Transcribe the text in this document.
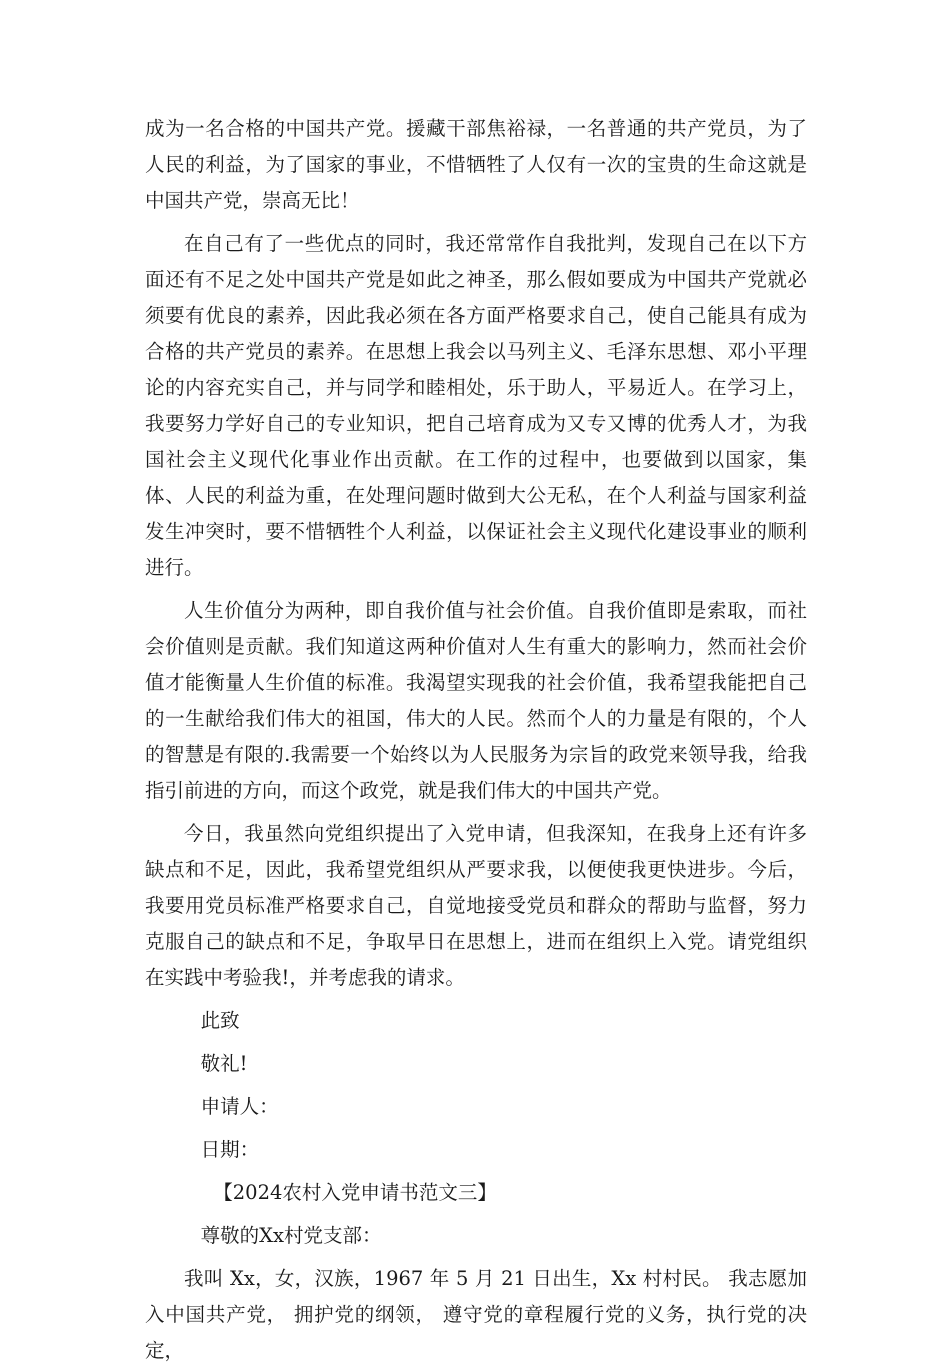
成为一名合格的中国共产党。援藏干部焦裕禄，一名普通的共产党员，为了人民的利益，为了国家的事业，不惜牺牲了人仅有一次的宝贵的生命这就是中国共产党，崇高无比！

在自己有了一些优点的同时，我还常常作自我批判，发现自己在以下方面还有不足之处中国共产党是如此之神圣，那么假如要成为中国共产党就必须要有优良的素养，因此我必须在各方面严格要求自己，使自己能具有成为合格的共产党员的素养。在思想上我会以马列主义、毛泽东思想、邓小平理论的内容充实自己，并与同学和睦相处，乐于助人，平易近人。在学习上，我要努力学好自己的专业知识，把自己培育成为又专又博的优秀人才，为我国社会主义现代化事业作出贡献。在工作的过程中，也要做到以国家，集体、人民的利益为重，在处理问题时做到大公无私，在个人利益与国家利益发生冲突时，要不惜牺牲个人利益，以保证社会主义现代化建设事业的顺利进行。

人生价值分为两种，即自我价值与社会价值。自我价值即是索取，而社会价值则是贡献。我们知道这两种价值对人生有重大的影响力，然而社会价值才能衡量人生价值的标准。我渴望实现我的社会价值，我希望我能把自己的一生献给我们伟大的祖国，伟大的人民。然而个人的力量是有限的，个人的智慧是有限的.我需要一个始终以为人民服务为宗旨的政党来领导我，给我指引前进的方向，而这个政党，就是我们伟大的中国共产党。

今日，我虽然向党组织提出了入党申请，但我深知，在我身上还有许多缺点和不足，因此，我希望党组织从严要求我，以便使我更快进步。今后，我要用党员标准严格要求自己，自觉地接受党员和群众的帮助与监督，努力克服自己的缺点和不足，争取早日在思想上，进而在组织上入党。请党组织在实践中考验我!，并考虑我的请求。

此致
敬礼!
申请人：
日期：
【2024农村入党申请书范文三】
尊敬的Xx村党支部：

我叫 Xx，女，汉族，1967 年 5 月 21 日出生，Xx 村村民。 我志愿加入中国共产党， 拥护党的纲领， 遵守党的章程履行党的义务，执行党的决定，
